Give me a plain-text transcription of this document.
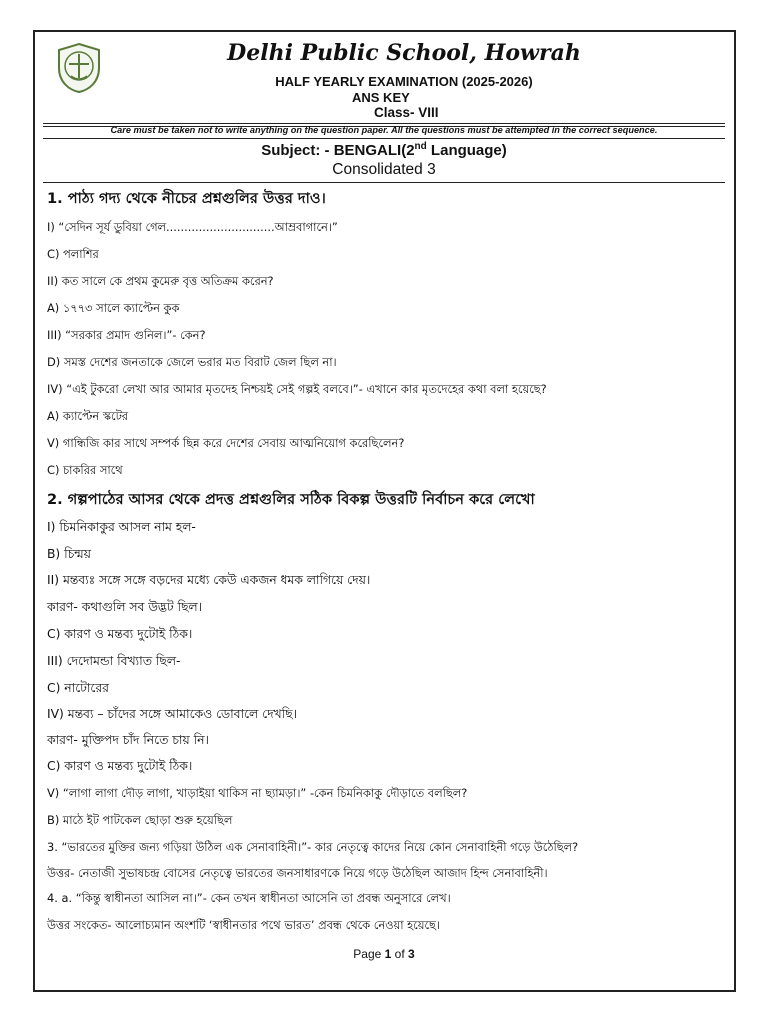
Delhi Public School, Howrah
HALF YEARLY EXAMINATION (2025-2026)
ANS KEY
Class- VIII
Care must be taken not to write anything on the question paper. All the questions must be attempted in the correct sequence.
Subject: - BENGALI(2nd Language)
Consolidated 3
1. পাঠ্য গদ্য থেকে নীচের প্রশ্নগুলির উত্তর দাও।
I) “সেদিন সূর্য ডুবিয়া গেল..............................আম্রবাগানে।”
C) পলাশির
II) কত সালে কে প্রথম কুমেরু বৃত্ত অতিক্রম করেন?
A) ১৭৭৩ সালে ক্যাপ্টেন কুক
III) “সরকার প্রমাদ গুনিল।”- কেন?
D) সমস্ত দেশের জনতাকে জেলে ভরার মত বিরাট জেল ছিল না।
IV) “এই টুকরো লেখা আর আমার মৃতদেহ নিশ্চয়ই সেই গল্পই বলবে।”- এখানে কার মৃতদেহের কথা বলা হয়েছে?
A) ক্যাপ্টেন স্কটের
V) গান্ধিজি কার সাথে সম্পর্ক ছিন্ন করে দেশের সেবায় আত্মনিয়োগ করেছিলেন?
C) চাকরির সাথে
2. গল্পপাঠের আসর থেকে প্রদত্ত প্রশ্নগুলির সঠিক বিকল্প উত্তরটি নির্বাচন করে লেখো
I) চিমনিকাকুর আসল নাম হল-
B) চিন্ময়
II) মন্তব্যঃ সঙ্গে সঙ্গে বড়দের মধ্যে কেউ একজন ধমক লাগিয়ে দেয়।
কারণ- কথাগুলি সব উদ্ভট ছিল।
C) কারণ ও মন্তব্য দুটোই ঠিক।
III) দেদোমন্ডা বিখ্যাত ছিল-
C) নাটোরের
IV) মন্তব্য – চাঁদের সঙ্গে আমাকেও ডোবালে দেখছি।
কারণ- মুক্তিপদ চাঁদ নিতে চায় নি।
C) কারণ ও মন্তব্য দুটোই ঠিক।
V) “লাগা লাগা দৌড় লাগা, খাড়াইয়া থাকিস না ছ্যামড়া।” -কেন চিমনিকাকু দৌড়াতে বলছিল?
B) মাঠে ইট পাটকেল ছোড়া শুরু হয়েছিল
3. “ভারতের মুক্তির জন্য গড়িয়া উঠিল এক সেনাবাহিনী।”- কার নেতৃত্বে কাদের নিয়ে কোন সেনাবাহিনী গড়ে উঠেছিল?
উত্তর- নেতাজী সুভাষচন্দ্র বোসের নেতৃত্বে ভারতের জনসাধারণকে নিয়ে গড়ে উঠেছিল আজাদ হিন্দ সেনাবাহিনী।
4. a. “কিন্তু স্বাধীনতা আসিল না।”- কেন তখন স্বাধীনতা আসেনি তা প্রবন্ধ অনুসারে লেখ।
উত্তর সংকেত- আলোচ্যমান অংশটি ‘স্বাধীনতার পথে ভারত’ প্রবন্ধ থেকে নেওয়া হয়েছে।
Page 1 of 3
